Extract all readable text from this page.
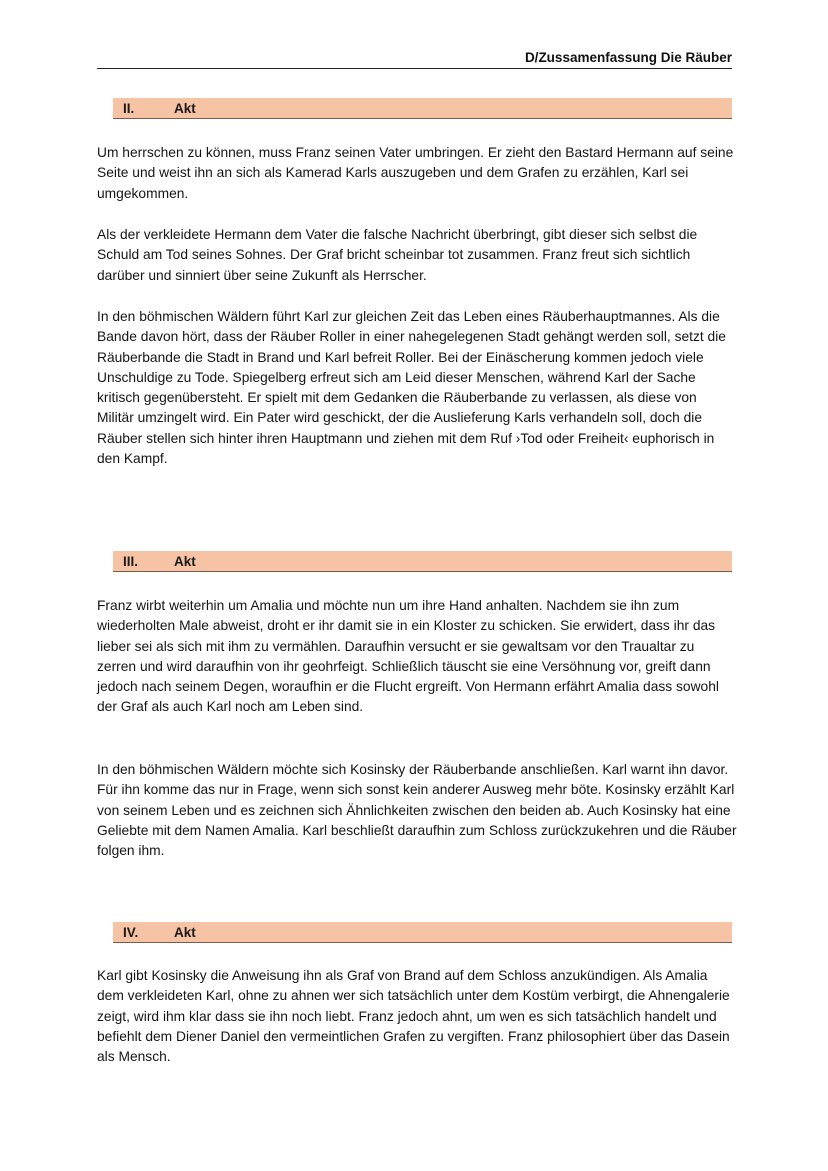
D/Zussamenfassung Die Räuber
II.	Akt

Um herrschen zu können, muss Franz seinen Vater umbringen. Er zieht den Bastard Hermann auf seine Seite und weist ihn an sich als Kamerad Karls auszugeben und dem Grafen zu erzählen, Karl sei umgekommen.

Als der verkleidete Hermann dem Vater die falsche Nachricht überbringt, gibt dieser sich selbst die Schuld am Tod seines Sohnes. Der Graf bricht scheinbar tot zusammen. Franz freut sich sichtlich darüber und sinniert über seine Zukunft als Herrscher.

In den böhmischen Wäldern führt Karl zur gleichen Zeit das Leben eines Räuberhauptmannes. Als die Bande davon hört, dass der Räuber Roller in einer nahegelegenen Stadt gehängt werden soll, setzt die Räuberbande die Stadt in Brand und Karl befreit Roller. Bei der Einäscherung kommen jedoch viele Unschuldige zu Tode. Spiegelberg erfreut sich am Leid dieser Menschen, während Karl der Sache kritisch gegenübersteht. Er spielt mit dem Gedanken die Räuberbande zu verlassen, als diese von Militär umzingelt wird. Ein Pater wird geschickt, der die Auslieferung Karls verhandeln soll, doch die Räuber stellen sich hinter ihren Hauptmann und ziehen mit dem Ruf ›Tod oder Freiheit‹ euphorisch in den Kampf.

III.	Akt

Franz wirbt weiterhin um Amalia und möchte nun um ihre Hand anhalten. Nachdem sie ihn zum wiederholten Male abweist, droht er ihr damit sie in ein Kloster zu schicken. Sie erwidert, dass ihr das lieber sei als sich mit ihm zu vermählen. Daraufhin versucht er sie gewaltsam vor den Traualtar zu zerren und wird daraufhin von ihr geohrfeigt. Schließlich täuscht sie eine Versöhnung vor, greift dann jedoch nach seinem Degen, woraufhin er die Flucht ergreift. Von Hermann erfährt Amalia dass sowohl der Graf als auch Karl noch am Leben sind.

In den böhmischen Wäldern möchte sich Kosinsky der Räuberbande anschließen. Karl warnt ihn davor. Für ihn komme das nur in Frage, wenn sich sonst kein anderer Ausweg mehr böte. Kosinsky erzählt Karl von seinem Leben und es zeichnen sich Ähnlichkeiten zwischen den beiden ab. Auch Kosinsky hat eine Geliebte mit dem Namen Amalia. Karl beschließt daraufhin zum Schloss zurückzukehren und die Räuber folgen ihm.

IV.	Akt

Karl gibt Kosinsky die Anweisung ihn als Graf von Brand auf dem Schloss anzukündigen. Als Amalia dem verkleideten Karl, ohne zu ahnen wer sich tatsächlich unter dem Kostüm verbirgt, die Ahnengalerie zeigt, wird ihm klar dass sie ihn noch liebt. Franz jedoch ahnt, um wen es sich tatsächlich handelt und befiehlt dem Diener Daniel den vermeintlichen Grafen zu vergiften. Franz philosophiert über das Dasein als Mensch.
